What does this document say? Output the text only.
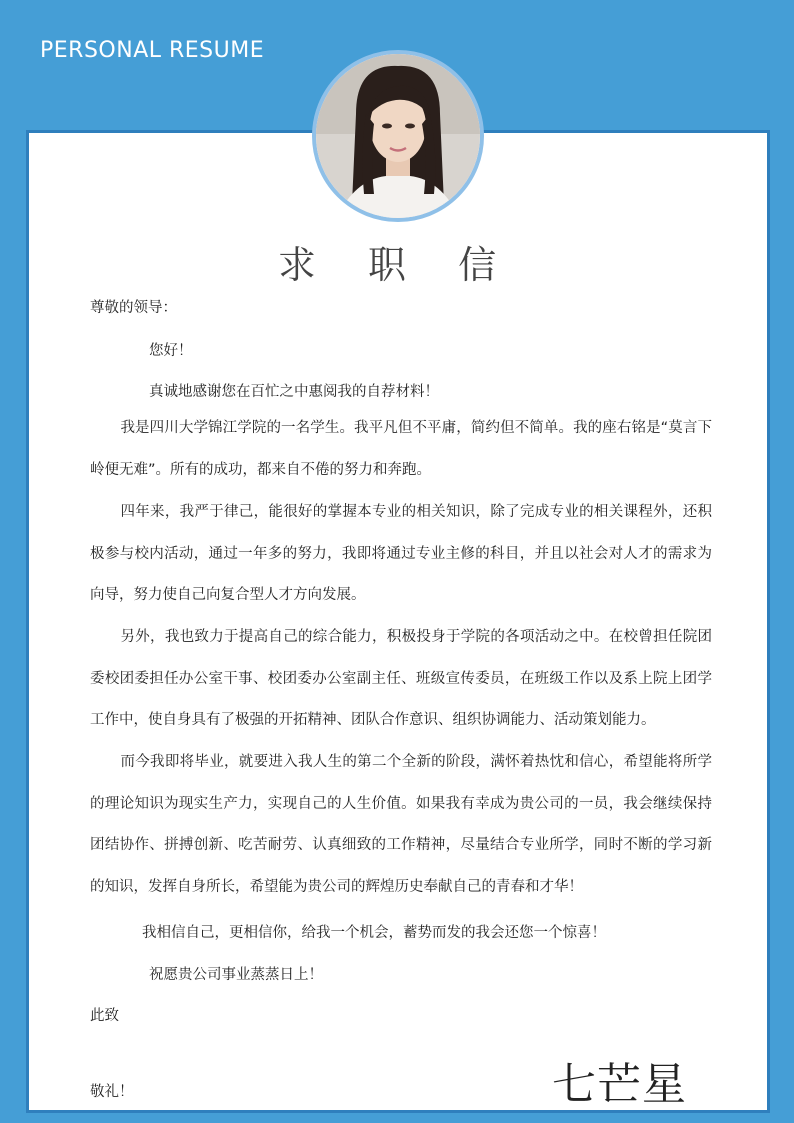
PERSONAL RESUME
求 职 信
尊敬的领导：
您好！
真诚地感谢您在百忙之中惠阅我的自荐材料！
我是四川大学锦江学院的一名学生。我平凡但不平庸，简约但不简单。我的座右铭是“莫言下岭便无难”。所有的成功，都来自不倦的努力和奔跑。
四年来，我严于律己，能很好的掌握本专业的相关知识，除了完成专业的相关课程外，还积极参与校内活动，通过一年多的努力，我即将通过专业主修的科目，并且以社会对人才的需求为向导，努力使自己向复合型人才方向发展。
另外，我也致力于提高自己的综合能力，积极投身于学院的各项活动之中。在校曾担任院团委校团委担任办公室干事、校团委办公室副主任、班级宣传委员，在班级工作以及系上院上团学工作中，使自身具有了极强的开拓精神、团队合作意识、组织协调能力、活动策划能力。
而今我即将毕业，就要进入我人生的第二个全新的阶段，满怀着热忱和信心，希望能将所学的理论知识为现实生产力，实现自己的人生价值。如果我有幸成为贵公司的一员，我会继续保持团结协作、拼搏创新、吃苦耐劳、认真细致的工作精神，尽量结合专业所学，同时不断的学习新的知识，发挥自身所长，希望能为贵公司的辉煌历史奉献自己的青春和才华！
我相信自己，更相信你，给我一个机会，蓄势而发的我会还您一个惊喜！
祝愿贵公司事业蒸蒸日上！
此致
敬礼！	七芒星
